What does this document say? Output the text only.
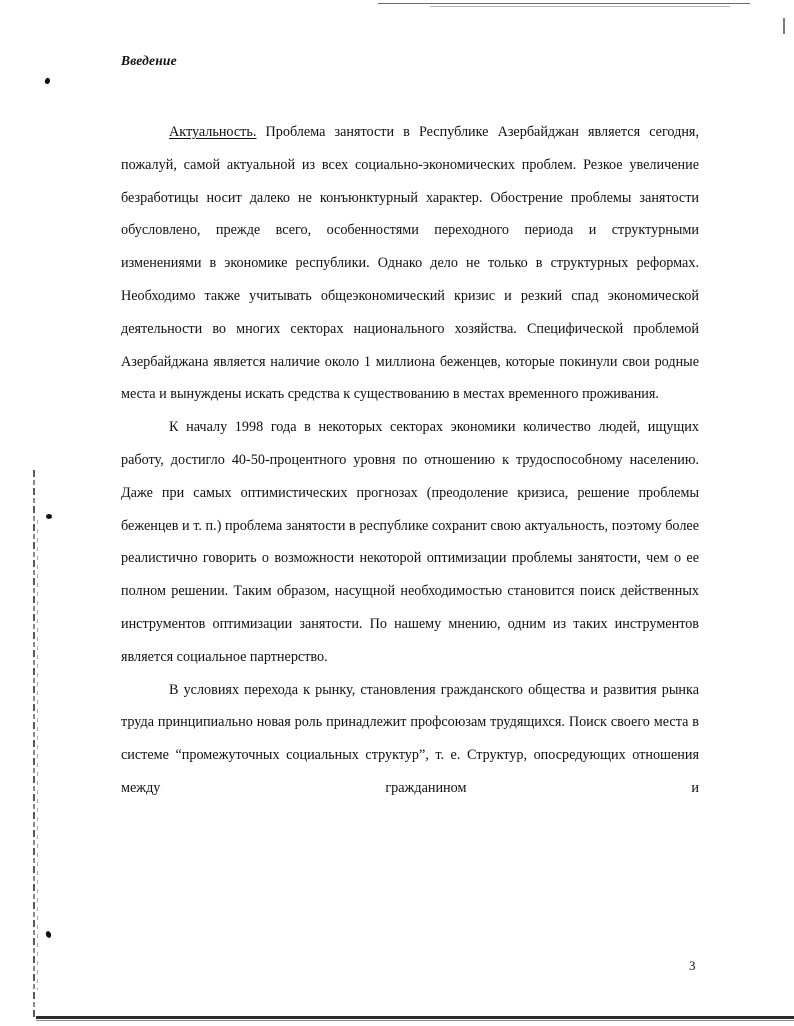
Введение

Актуальность. Проблема занятости в Республике Азербайджан является сегодня, пожалуй, самой актуальной из всех социально-экономических проблем. Резкое увеличение безработицы носит далеко не конъюнктурный характер. Обострение проблемы занятости обусловлено, прежде всего, особенностями переходного периода и структурными изменениями в экономике республики. Однако дело не только в структурных реформах. Необходимо также учитывать общеэкономический кризис и резкий спад экономической деятельности во многих секторах национального хозяйства. Специфической проблемой Азербайджана является наличие около 1 миллиона беженцев, которые покинули свои родные места и вынуждены искать средства к существованию в местах временного проживания.

К началу 1998 года в некоторых секторах экономики количество людей, ищущих работу, достигло 40-50-процентного уровня по отношению к трудоспособному населению. Даже при самых оптимистических прогнозах (преодоление кризиса, решение проблемы беженцев и т. п.) проблема занятости в республике сохранит свою актуальность, поэтому более реалистично говорить о возможности некоторой оптимизации проблемы занятости, чем о ее полном решении. Таким образом, насущной необходимостью становится поиск действенных инструментов оптимизации занятости. По нашему мнению, одним из таких инструментов является социальное партнерство.

В условиях перехода к рынку, становления гражданского общества и развития рынка труда принципиально новая роль принадлежит профсоюзам трудящихся. Поиск своего места в системе “промежуточных социальных структур”, т. е. Структур, опосредующих отношения между гражданином и

3
